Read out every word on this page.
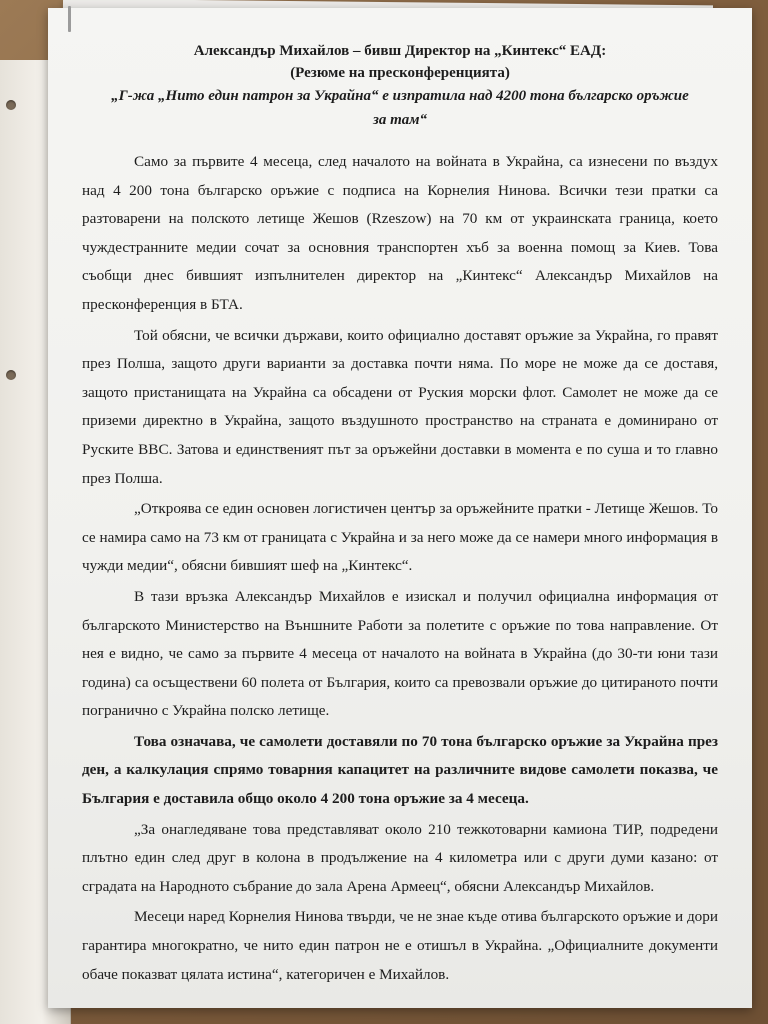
Александър Михайлов – бивш Директор на „Кинтекс“ ЕАД:
(Резюме на пресконференцията)
„Г-жа „Нито един патрон за Украйна“ е изпратила над 4200 тона българско оръжие за там“

Само за първите 4 месеца, след началото на войната в Украйна, са изнесени по въздух над 4 200 тона българско оръжие с подписа на Корнелия Нинова. Всички тези пратки са разтоварени на полското летище Жешов (Rzeszow) на 70 км от украинската граница, което чуждестранните медии сочат за основния транспортен хъб за военна помощ за Киев. Това съобщи днес бившият изпълнителен директор на „Кинтекс“ Александър Михайлов на пресконференция в БТА.

Той обясни, че всички държави, които официално доставят оръжие за Украйна, го правят през Полша, защото други варианти за доставка почти няма. По море не може да се доставя, защото пристанищата на Украйна са обсадени от Руския морски флот. Самолет не може да се приземи директно в Украйна, защото въздушното пространство на страната е доминирано от Руските ВВС. Затова и единственият път за оръжейни доставки в момента е по суша и то главно през Полша.

„Откроява се един основен логистичен център за оръжейните пратки - Летище Жешов. То се намира само на 73 км от границата с Украйна и за него може да се намери много информация в чужди медии“, обясни бившият шеф на „Кинтекс“.

В тази връзка Александър Михайлов е изискал и получил официална информация от българското Министерство на Външните Работи за полетите с оръжие по това направление. От нея е видно, че само за първите 4 месеца от началото на войната в Украйна (до 30-ти юни тази година) са осъществени 60 полета от България, които са превозвали оръжие до цитираното почти погранично с Украйна полско летище.

Това означава, че самолети доставяли по 70 тона българско оръжие за Украйна през ден, а калкулация спрямо товарния капацитет на различните видове самолети показва, че България е доставила общо около 4 200 тона оръжие за 4 месеца.

„За онагледяване това представляват около 210 тежкотоварни камиона ТИР, подредени плътно един след друг в колона в продължение на 4 километра или с други думи казано: от сградата на Народното събрание до зала Арена Армеец“, обясни Александър Михайлов.

Месеци наред Корнелия Нинова твърди, че не знае къде отива българското оръжие и дори гарантира многократно, че нито един патрон не е отишъл в Украйна. „Официалните документи обаче показват цялата истина“, категоричен е Михайлов.
